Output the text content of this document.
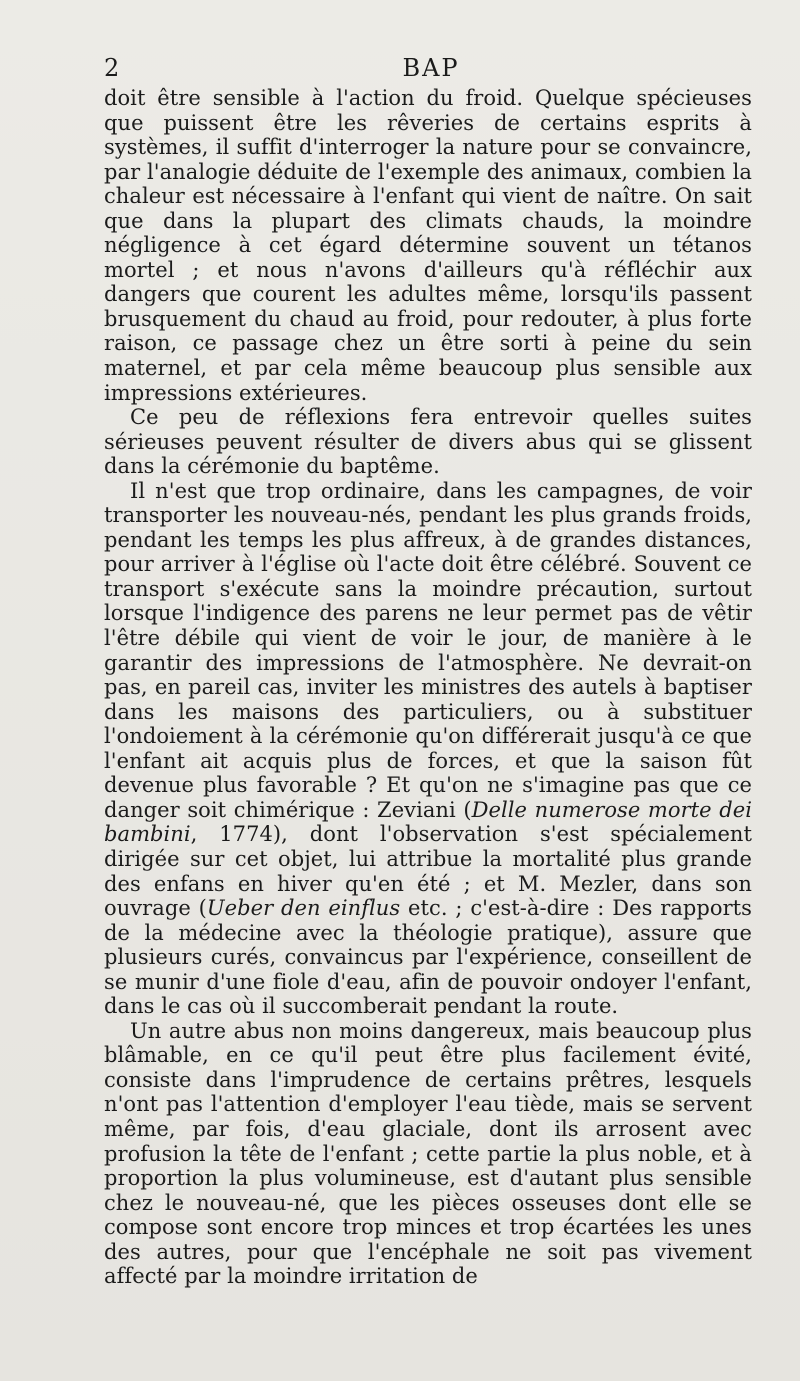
2	BAP

doit être sensible à l'action du froid. Quelque spécieuses que puissent être les rêveries de certains esprits à systèmes, il suffit d'interroger la nature pour se convaincre, par l'analogie déduite de l'exemple des animaux, combien la chaleur est nécessaire à l'enfant qui vient de naître. On sait que dans la plupart des climats chauds, la moindre négligence à cet égard détermine souvent un tétanos mortel ; et nous n'avons d'ailleurs qu'à réfléchir aux dangers que courent les adultes même, lorsqu'ils passent brusquement du chaud au froid, pour redouter, à plus forte raison, ce passage chez un être sorti à peine du sein maternel, et par cela même beaucoup plus sensible aux impressions extérieures.

Ce peu de réflexions fera entrevoir quelles suites sérieuses peuvent résulter de divers abus qui se glissent dans la cérémonie du baptême.

Il n'est que trop ordinaire, dans les campagnes, de voir transporter les nouveau-nés, pendant les plus grands froids, pendant les temps les plus affreux, à de grandes distances, pour arriver à l'église où l'acte doit être célébré. Souvent ce transport s'exécute sans la moindre précaution, surtout lorsque l'indigence des parens ne leur permet pas de vêtir l'être débile qui vient de voir le jour, de manière à le garantir des impressions de l'atmosphère. Ne devrait-on pas, en pareil cas, inviter les ministres des autels à baptiser dans les maisons des particuliers, ou à substituer l'ondoiement à la cérémonie qu'on différerait jusqu'à ce que l'enfant ait acquis plus de forces, et que la saison fût devenue plus favorable ? Et qu'on ne s'imagine pas que ce danger soit chimérique : Zeviani (Delle numerose morte dei bambini, 1774), dont l'observation s'est spécialement dirigée sur cet objet, lui attribue la mortalité plus grande des enfans en hiver qu'en été ; et M. Mezler, dans son ouvrage (Ueber den einflus etc. ; c'est-à-dire : Des rapports de la médecine avec la théologie pratique), assure que plusieurs curés, convaincus par l'expérience, conseillent de se munir d'une fiole d'eau, afin de pouvoir ondoyer l'enfant, dans le cas où il succomberait pendant la route.

Un autre abus non moins dangereux, mais beaucoup plus blâmable, en ce qu'il peut être plus facilement évité, consiste dans l'imprudence de certains prêtres, lesquels n'ont pas l'attention d'employer l'eau tiède, mais se servent même, par fois, d'eau glaciale, dont ils arrosent avec profusion la tête de l'enfant ; cette partie la plus noble, et à proportion la plus volumineuse, est d'autant plus sensible chez le nouveau-né, que les pièces osseuses dont elle se compose sont encore trop minces et trop écartées les unes des autres, pour que l'encéphale ne soit pas vivement affecté par la moindre irritation de
